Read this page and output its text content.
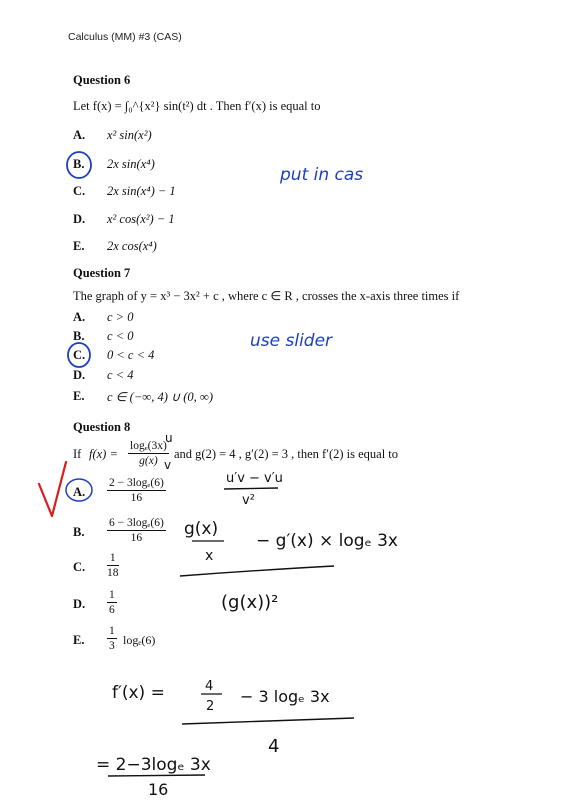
Calculus (MM) #3 (CAS)
Question 6
Let f(x) = ∫₀^{x²} sin(t²) dt . Then f′(x) is equal to
A. x² sin(x²)
B. 2x sin(x⁴)
C. 2x sin(x⁴) − 1
D. x² cos(x²) − 1
E. 2x cos(x⁴)
Question 7
The graph of y = x³ − 3x² + c , where c ∈ R , crosses the x-axis three times if
A. c > 0
B. c < 0
C. 0 < c < 4
D. c < 4
E. c ∈ (−∞, 4) ∪ (0, ∞)
Question 8
If $f(x) = \frac{\text{logₑ(3x)}}{g(x)}$ and g(2) = 4 , g′(2) = 3 , then f′(2) is equal to
A. $\frac{\text{2 − 3logₑ(6)}}{16}$
B. $\frac{\text{6 − 3logₑ(6)}}{16}$
C. $\frac{1}{18}$
D. $\frac{1}{6}$
E. $\frac{1}{3} \log_e(6)$
put in cas
use slider
u
v
u′v − v′u
v²
g(x)
x
− g′(x) × logₑ 3x
(g(x))²
f′(x) =	4
2
− 3 logₑ 3x
4
= 2−3logₑ 3x
16
